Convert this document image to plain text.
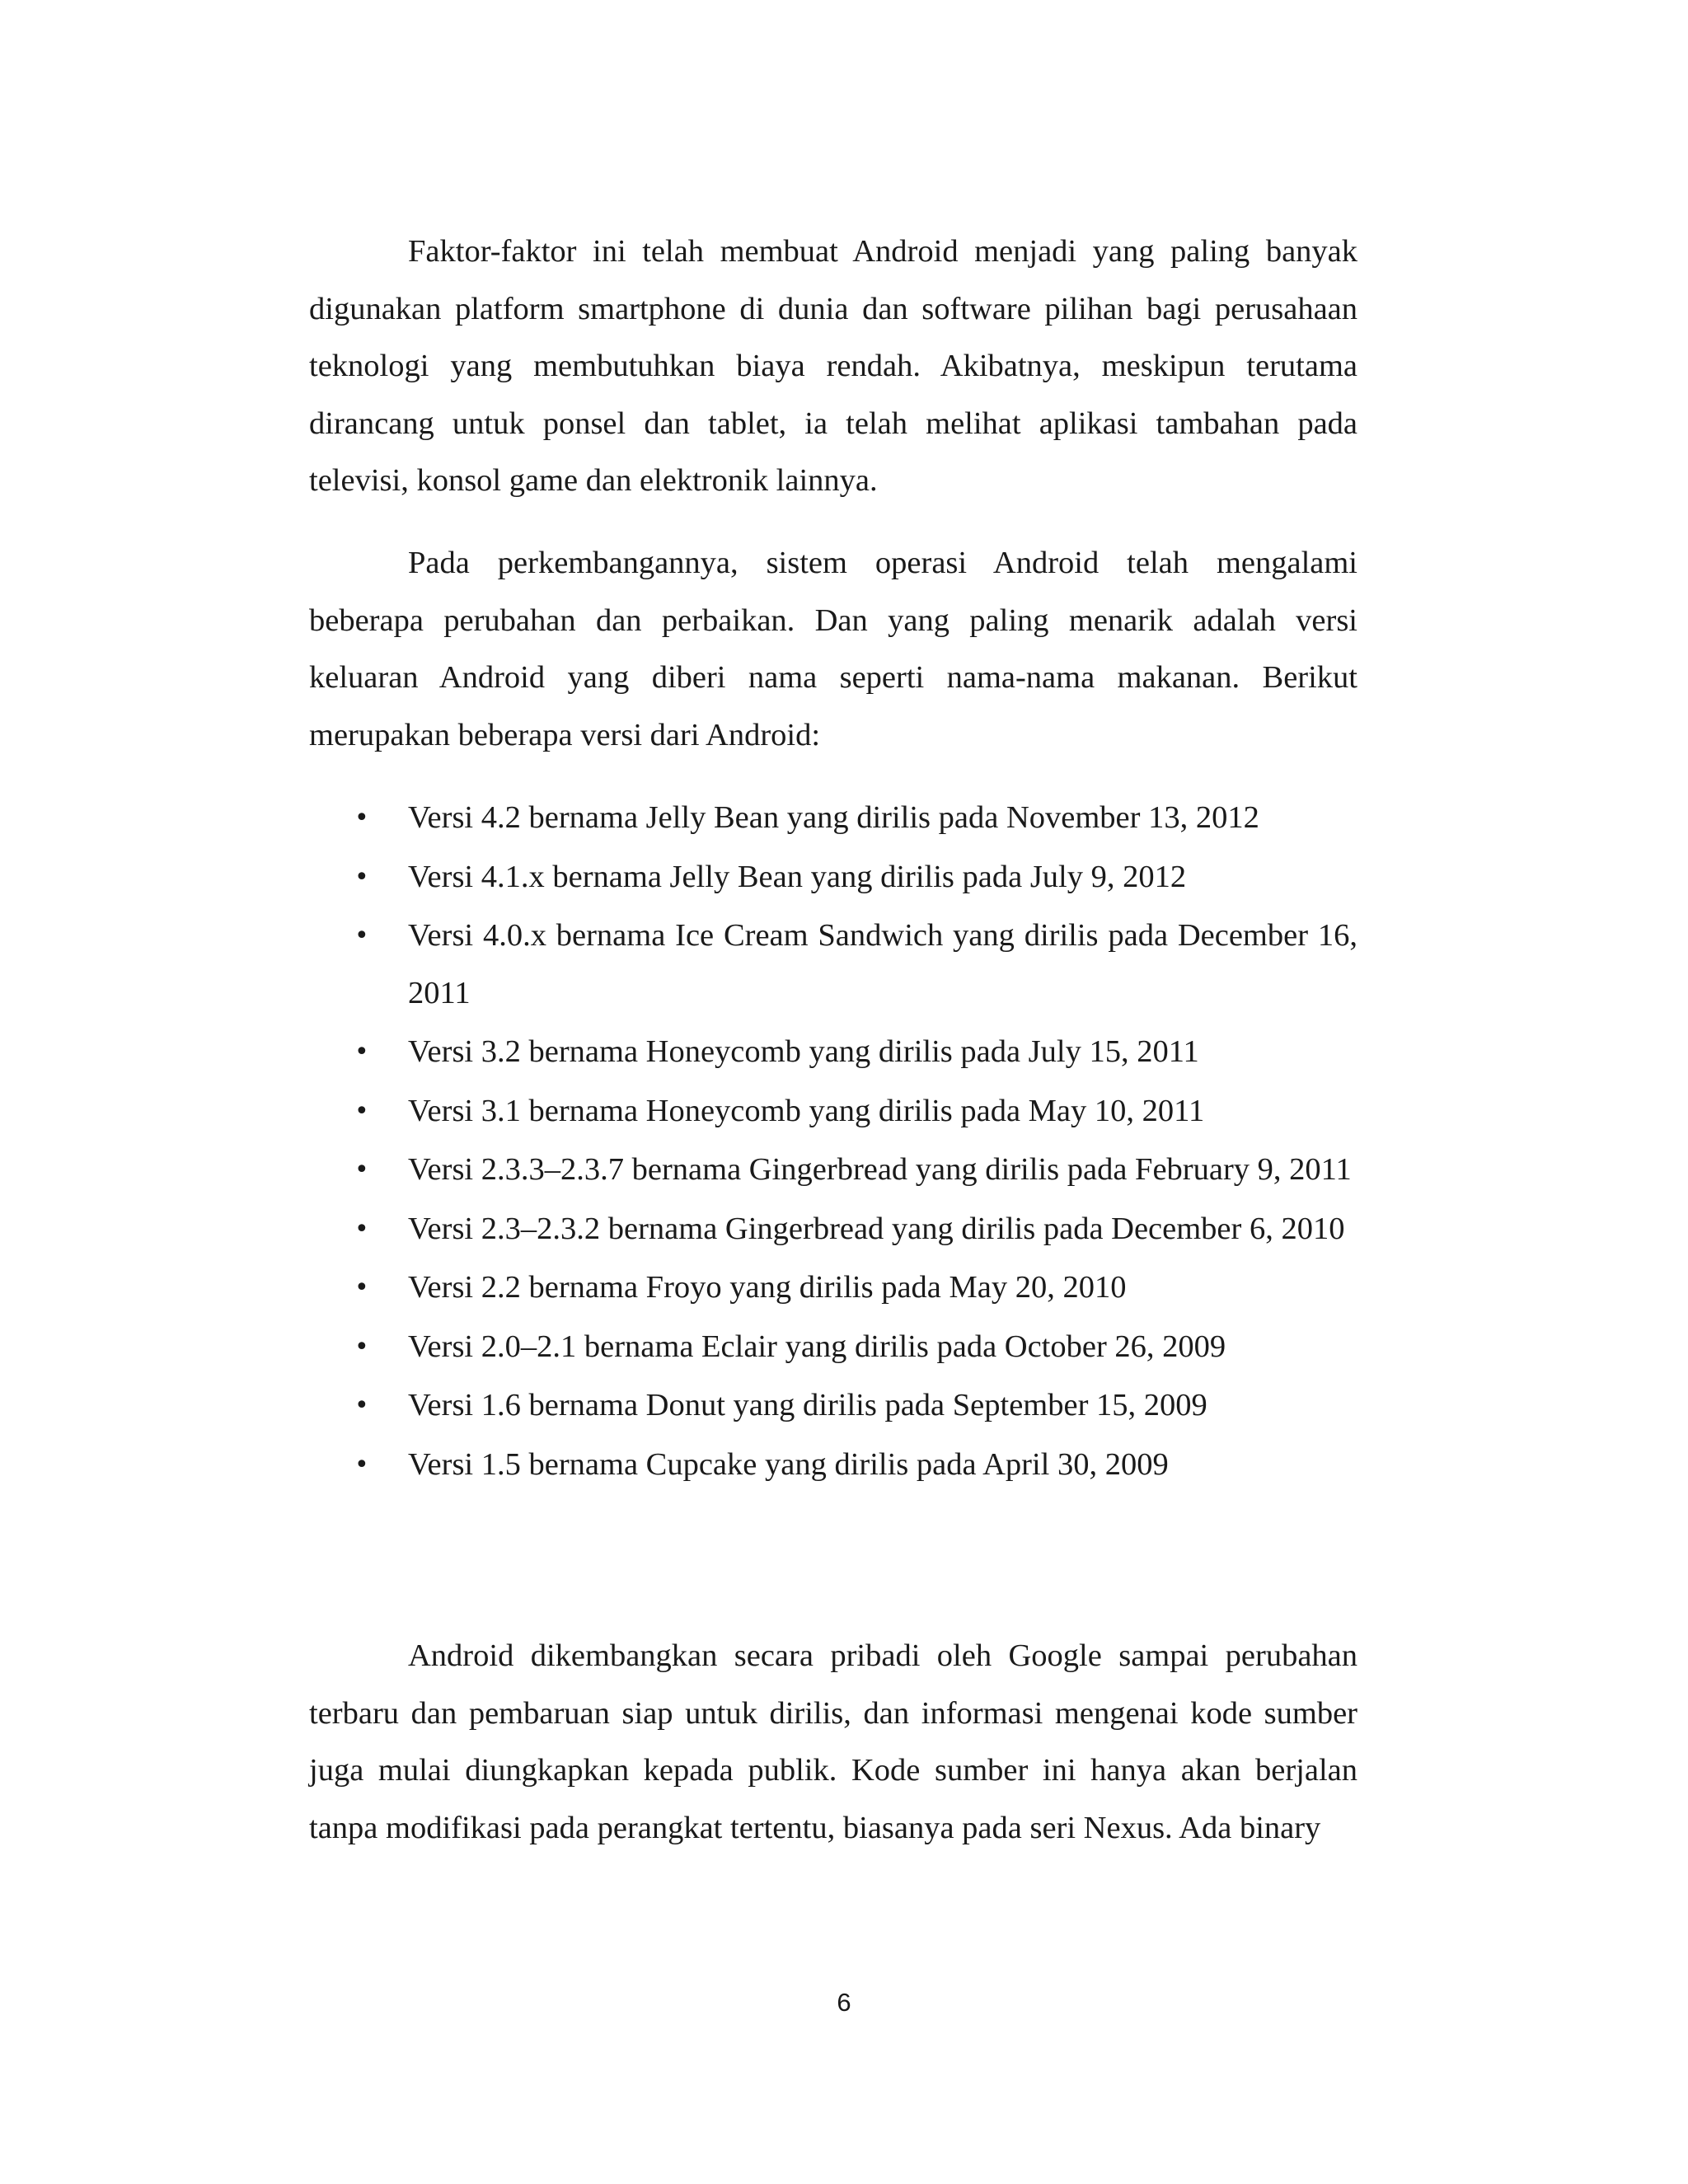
Faktor-faktor ini telah membuat Android menjadi yang paling banyak digunakan platform smartphone di dunia dan software pilihan bagi perusahaan teknologi yang membutuhkan biaya rendah. Akibatnya, meskipun terutama dirancang untuk ponsel dan tablet, ia telah melihat aplikasi tambahan pada televisi, konsol game dan elektronik lainnya.

Pada perkembangannya, sistem operasi Android telah mengalami beberapa perubahan dan perbaikan. Dan yang paling menarik adalah versi keluaran Android yang diberi nama seperti nama-nama makanan. Berikut merupakan beberapa versi dari Android:

•	Versi 4.2 bernama Jelly Bean yang dirilis pada November 13, 2012
•	Versi 4.1.x bernama Jelly Bean yang dirilis pada July 9, 2012
•	Versi 4.0.x bernama Ice Cream Sandwich yang dirilis pada December 16, 2011
•	Versi 3.2 bernama Honeycomb yang dirilis pada July 15, 2011
•	Versi 3.1 bernama Honeycomb yang dirilis pada May 10, 2011
•	Versi 2.3.3–2.3.7 bernama Gingerbread yang dirilis pada February 9, 2011
•	Versi 2.3–2.3.2 bernama Gingerbread yang dirilis pada December 6, 2010
•	Versi 2.2 bernama Froyo yang dirilis pada May 20, 2010
•	Versi 2.0–2.1 bernama Eclair yang dirilis pada October 26, 2009
•	Versi 1.6 bernama Donut yang dirilis pada September 15, 2009
•	Versi 1.5 bernama Cupcake yang dirilis pada April 30, 2009

Android dikembangkan secara pribadi oleh Google sampai perubahan terbaru dan pembaruan siap untuk dirilis, dan informasi mengenai kode sumber juga mulai diungkapkan kepada publik. Kode sumber ini hanya akan berjalan tanpa modifikasi pada perangkat tertentu, biasanya pada seri Nexus. Ada binary

6
